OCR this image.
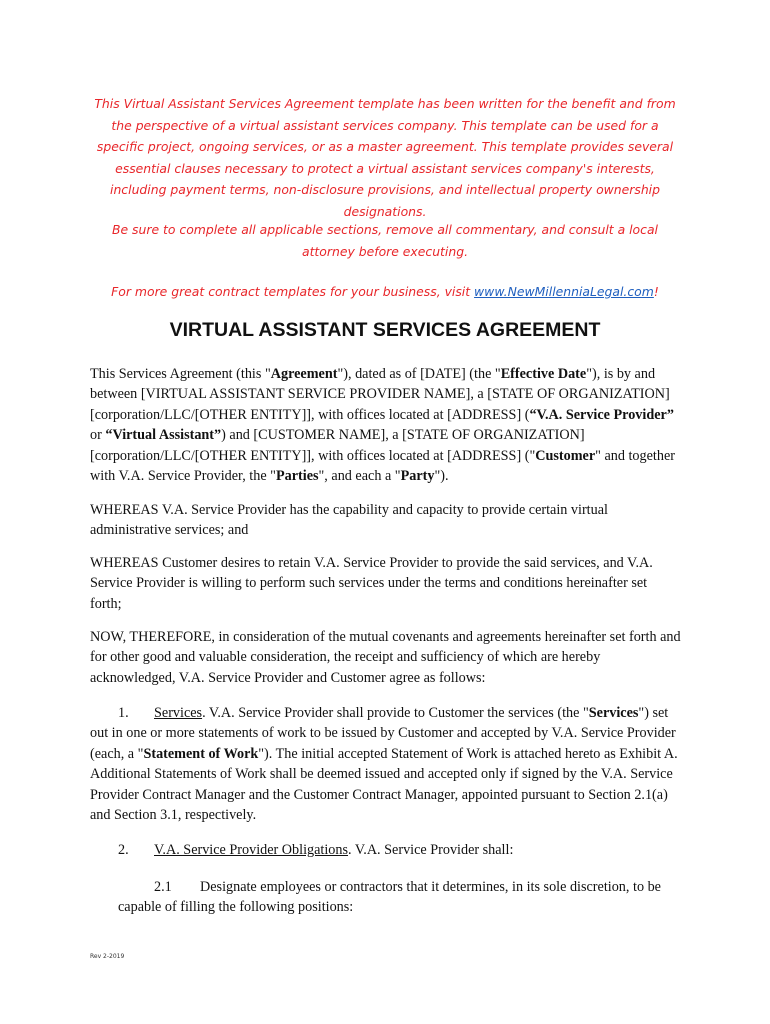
This Virtual Assistant Services Agreement template has been written for the benefit and from the perspective of a virtual assistant services company. This template can be used for a specific project, ongoing services, or as a master agreement. This template provides several essential clauses necessary to protect a virtual assistant services company's interests, including payment terms, non-disclosure provisions, and intellectual property ownership designations.
Be sure to complete all applicable sections, remove all commentary, and consult a local attorney before executing.
For more great contract templates for your business, visit www.NewMillenniaLegal.com!
VIRTUAL ASSISTANT SERVICES AGREEMENT
This Services Agreement (this "Agreement"), dated as of [DATE] (the "Effective Date"), is by and between [VIRTUAL ASSISTANT SERVICE PROVIDER NAME], a [STATE OF ORGANIZATION] [corporation/LLC/[OTHER ENTITY]], with offices located at [ADDRESS] (“V.A. Service Provider” or “Virtual Assistant”) and [CUSTOMER NAME], a [STATE OF ORGANIZATION] [corporation/LLC/[OTHER ENTITY]], with offices located at [ADDRESS] ("Customer" and together with V.A. Service Provider, the "Parties", and each a "Party").
WHEREAS V.A. Service Provider has the capability and capacity to provide certain virtual administrative services; and
WHEREAS Customer desires to retain V.A. Service Provider to provide the said services, and V.A. Service Provider is willing to perform such services under the terms and conditions hereinafter set forth;
NOW, THEREFORE, in consideration of the mutual covenants and agreements hereinafter set forth and for other good and valuable consideration, the receipt and sufficiency of which are hereby acknowledged, V.A. Service Provider and Customer agree as follows:
1. Services. V.A. Service Provider shall provide to Customer the services (the "Services") set out in one or more statements of work to be issued by Customer and accepted by V.A. Service Provider (each, a "Statement of Work"). The initial accepted Statement of Work is attached hereto as Exhibit A. Additional Statements of Work shall be deemed issued and accepted only if signed by the V.A. Service Provider Contract Manager and the Customer Contract Manager, appointed pursuant to Section 2.1(a) and Section 3.1, respectively.
2. V.A. Service Provider Obligations. V.A. Service Provider shall:
2.1 Designate employees or contractors that it determines, in its sole discretion, to be capable of filling the following positions:
Rev 2-2019
